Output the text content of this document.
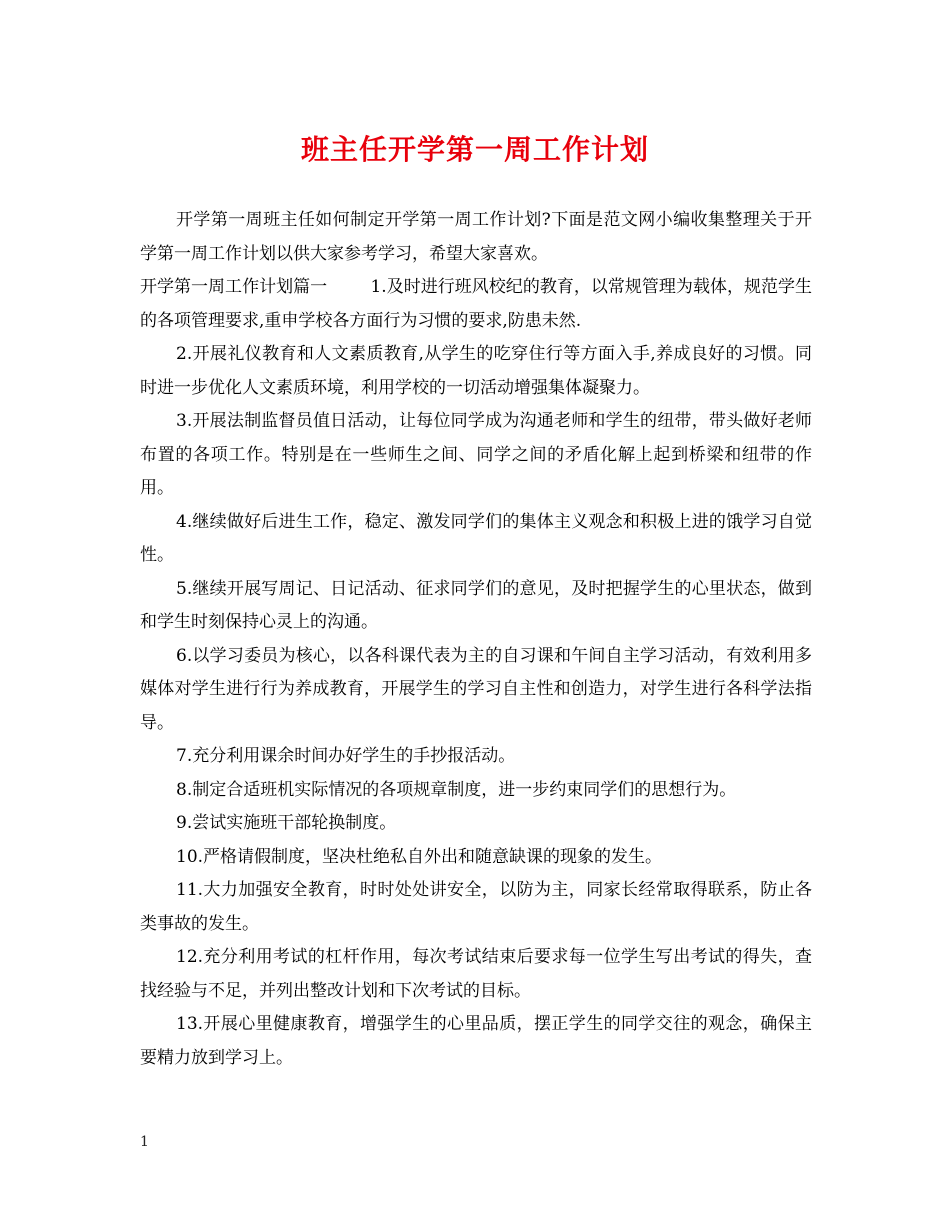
班主任开学第一周工作计划

开学第一周班主任如何制定开学第一周工作计划?下面是范文网小编收集整理关于开学第一周工作计划以供大家参考学习，希望大家喜欢。

开学第一周工作计划篇一	1.及时进行班风校纪的教育，以常规管理为载体，规范学生的各项管理要求,重申学校各方面行为习惯的要求,防患未然.

2.开展礼仪教育和人文素质教育,从学生的吃穿住行等方面入手,养成良好的习惯。同时进一步优化人文素质环境，利用学校的一切活动增强集体凝聚力。

3.开展法制监督员值日活动，让每位同学成为沟通老师和学生的纽带，带头做好老师布置的各项工作。特别是在一些师生之间、同学之间的矛盾化解上起到桥梁和纽带的作用。

4.继续做好后进生工作，稳定、激发同学们的集体主义观念和积极上进的饿学习自觉性。

5.继续开展写周记、日记活动、征求同学们的意见，及时把握学生的心里状态，做到和学生时刻保持心灵上的沟通。

6.以学习委员为核心，以各科课代表为主的自习课和午间自主学习活动，有效利用多媒体对学生进行行为养成教育，开展学生的学习自主性和创造力，对学生进行各科学法指导。

7.充分利用课余时间办好学生的手抄报活动。

8.制定合适班机实际情况的各项规章制度，进一步约束同学们的思想行为。

9.尝试实施班干部轮换制度。

10.严格请假制度，坚决杜绝私自外出和随意缺课的现象的发生。

11.大力加强安全教育，时时处处讲安全，以防为主，同家长经常取得联系，防止各类事故的发生。

12.充分利用考试的杠杆作用，每次考试结束后要求每一位学生写出考试的得失，查找经验与不足，并列出整改计划和下次考试的目标。

13.开展心里健康教育，增强学生的心里品质，摆正学生的同学交往的观念，确保主要精力放到学习上。

1
